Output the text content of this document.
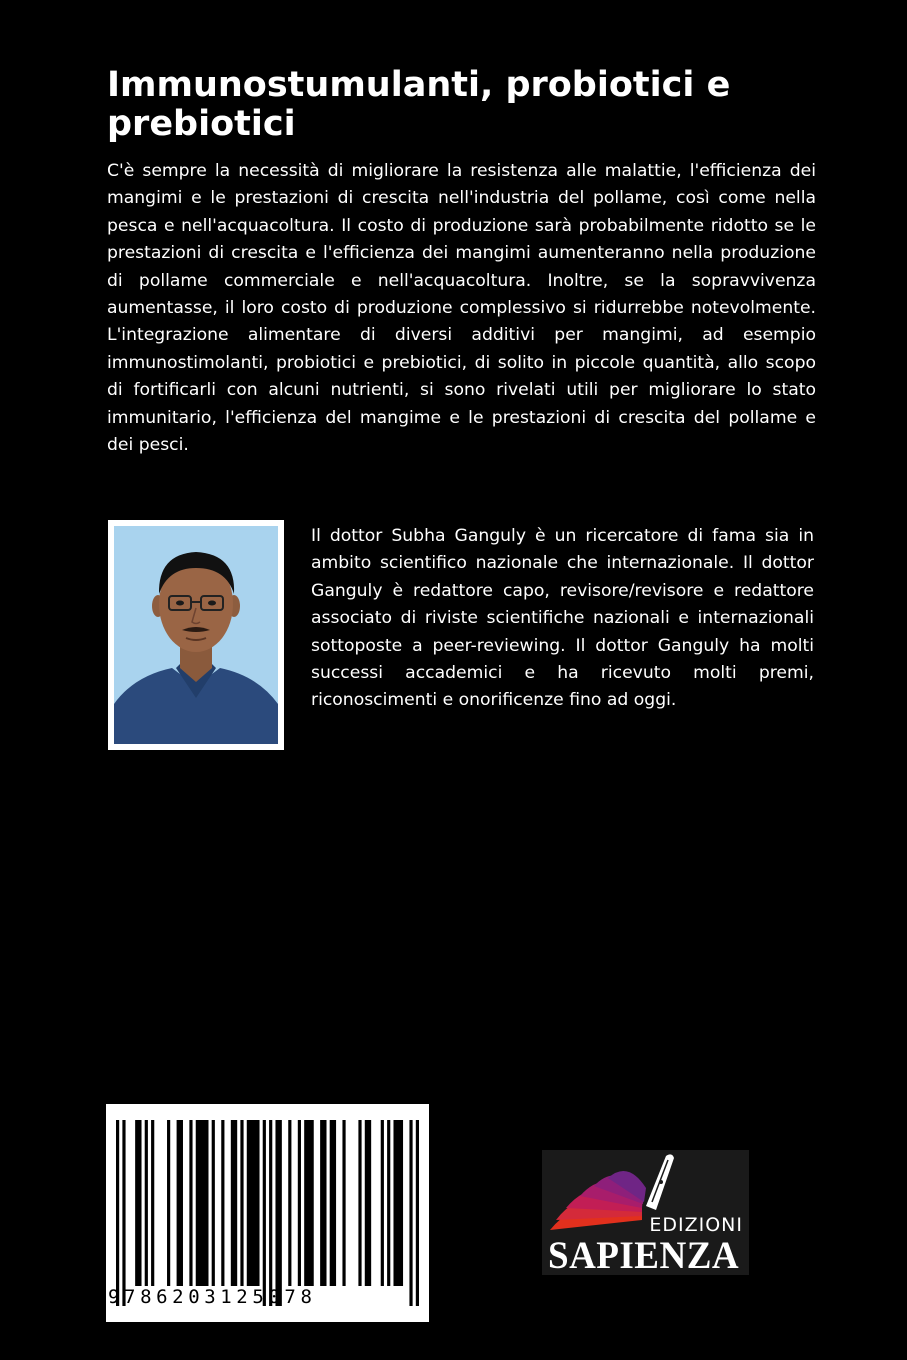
Immunostumulanti, probiotici e prebiotici

C'è sempre la necessità di migliorare la resistenza alle malattie, l'efficienza dei mangimi e le prestazioni di crescita nell'industria del pollame, così come nella pesca e nell'acquacoltura. Il costo di produzione sarà probabilmente ridotto se le prestazioni di crescita e l'efficienza dei mangimi aumenteranno nella produzione di pollame commerciale e nell'acquacoltura. Inoltre, se la sopravvivenza aumentasse, il loro costo di produzione complessivo si ridurrebbe notevolmente. L'integrazione alimentare di diversi additivi per mangimi, ad esempio immunostimolanti, probiotici e prebiotici, di solito in piccole quantità, allo scopo di fortificarli con alcuni nutrienti, si sono rivelati utili per migliorare lo stato immunitario, l'efficienza del mangime e le prestazioni di crescita del pollame e dei pesci.

Il dottor Subha Ganguly è un ricercatore di fama sia in ambito scientifico nazionale che internazionale. Il dottor Ganguly è redattore capo, revisore/revisore e redattore associato di riviste scientifiche nazionali e internazionali sottoposte a peer-reviewing. Il dottor Ganguly ha molti successi accademici e ha ricevuto molti premi, riconoscimenti e onorificenze fino ad oggi.

9786203125078
EDIZIONI
SAPIENZA
